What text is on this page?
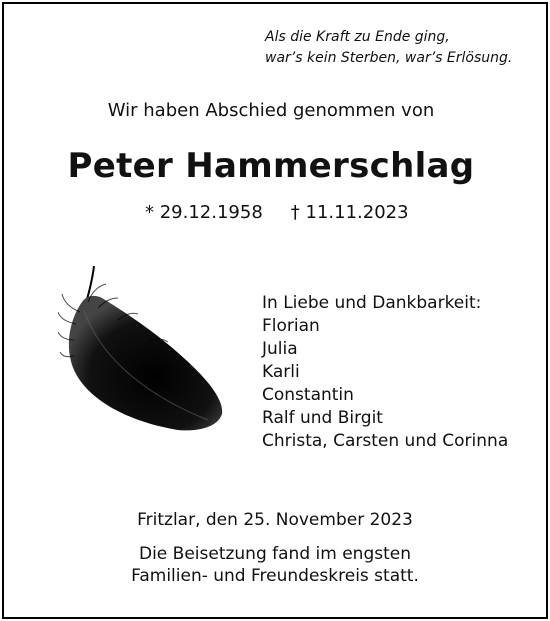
Als die Kraft zu Ende ging,
war’s kein Sterben, war’s Erlösung.
Wir haben Abschied genommen von
Peter Hammerschlag
* 29.12.1958 † 11.11.2023
In Liebe und Dankbarkeit:
Florian
Julia
Karli
Constantin
Ralf und Birgit
Christa, Carsten und Corinna
Fritzlar, den 25. November 2023
Die Beisetzung fand im engsten
Familien- und Freundeskreis statt.
